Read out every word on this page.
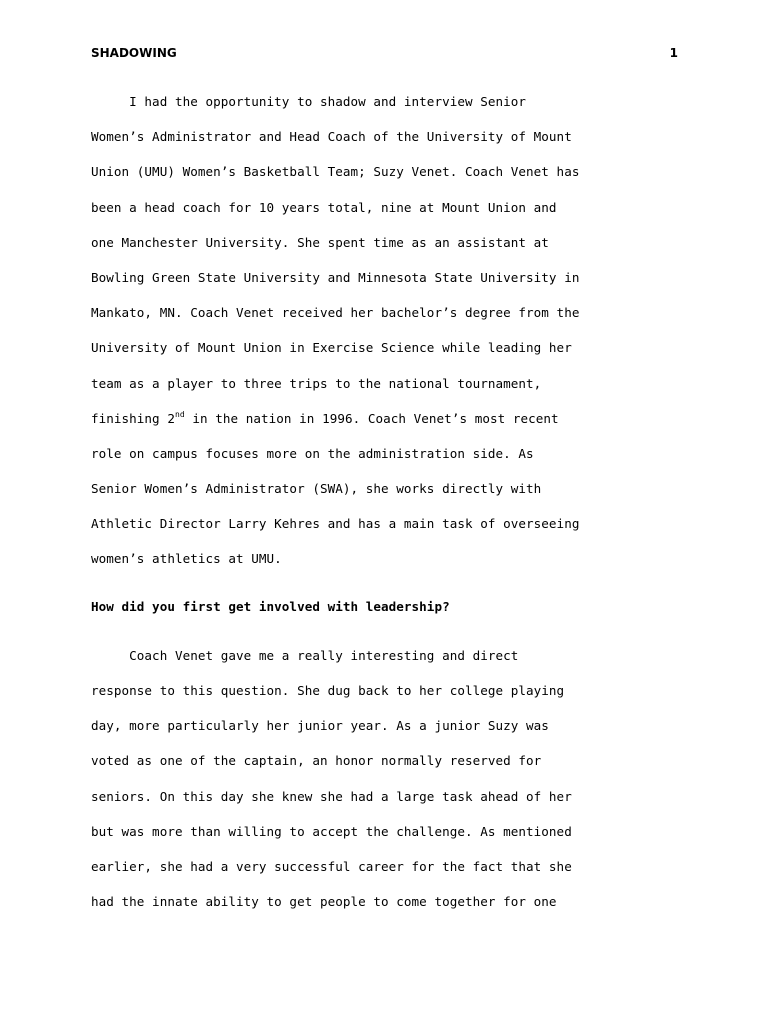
SHADOWING	1
I had the opportunity to shadow and interview Senior
Women’s Administrator and Head Coach of the University of Mount
Union (UMU) Women’s Basketball Team; Suzy Venet. Coach Venet has
been a head coach for 10 years total, nine at Mount Union and
one Manchester University. She spent time as an assistant at
Bowling Green State University and Minnesota State University in
Mankato, MN. Coach Venet received her bachelor’s degree from the
University of Mount Union in Exercise Science while leading her
team as a player to three trips to the national tournament,
finishing 2nd in the nation in 1996. Coach Venet’s most recent
role on campus focuses more on the administration side. As
Senior Women’s Administrator (SWA), she works directly with
Athletic Director Larry Kehres and has a main task of overseeing
women’s athletics at UMU.
How did you first get involved with leadership?
Coach Venet gave me a really interesting and direct
response to this question. She dug back to her college playing
day, more particularly her junior year. As a junior Suzy was
voted as one of the captain, an honor normally reserved for
seniors. On this day she knew she had a large task ahead of her
but was more than willing to accept the challenge. As mentioned
earlier, she had a very successful career for the fact that she
had the innate ability to get people to come together for one
